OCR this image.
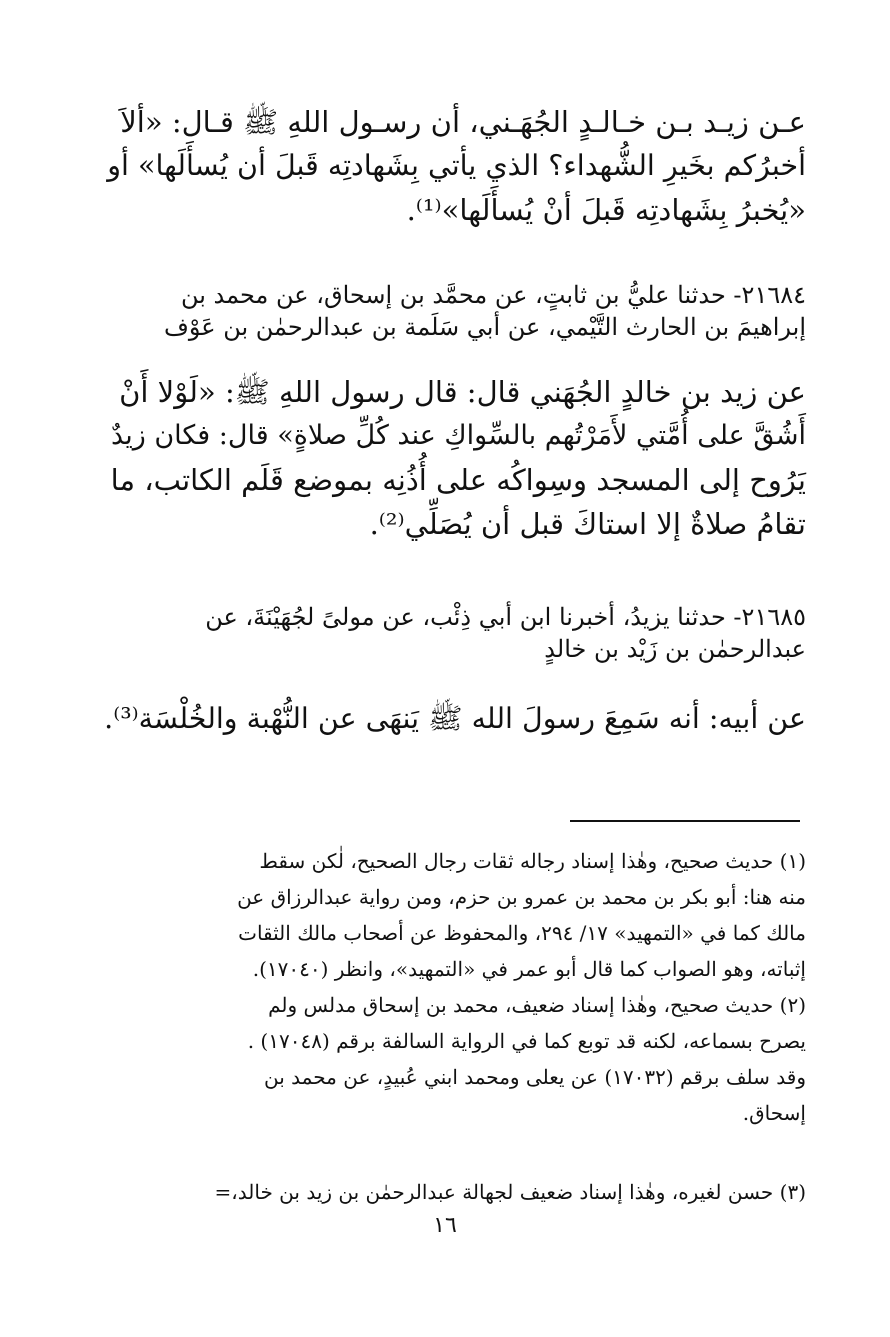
عـن زيـد بـن خـالـدٍ الجُهَـني، أن رسـول اللهِ ﷺ قـال: «ألاَ
أخبرُكم بخَيرِ الشُّهداء؟ الذي يأتي بِشَهادتِه قَبلَ أن يُسأَلَها» أو
«يُخبرُ بِشَهادتِه قَبلَ أنْ يُسأَلَها»⁽¹⁾.
٢١٦٨٤- حدثنا عليُّ بن ثابتٍ، عن محمَّد بن إسحاق، عن محمد بن
إبراهيمَ بن الحارث التَّيْمي، عن أبي سَلَمة بن عبدالرحمٰن بن عَوْف
عن زيد بن خالدٍ الجُهَني قال: قال رسول اللهِ ﷺ: «لَوْلا أَنْ
أَشُقَّ على أُمَّتي لأَمَرْتُهم بالسِّواكِ عند كُلِّ صلاةٍ» قال: فكان زيدٌ
يَرُوح إلى المسجد وسِواكُه على أُذُنِه بموضع قَلَم الكاتب، ما
تقامُ صلاةٌ إلا استاكَ قبل أن يُصَلِّي⁽²⁾.
٢١٦٨٥- حدثنا يزيدُ، أخبرنا ابن أبي ذِئْب، عن مولىً لجُهَيْنَةَ، عن
عبدالرحمٰن بن زَيْد بن خالدٍ
عن أبيه: أنه سَمِعَ رسولَ الله ﷺ يَنهَى عن النُّهْبة والخُلْسَة⁽³⁾.
(١) حديث صحيح، وهٰذا إسناد رجاله ثقات رجال الصحيح، لٰكن سقط
منه هنا: أبو بكر بن محمد بن عمرو بن حزم، ومن رواية عبدالرزاق عن
مالك كما في «التمهيد» ١٧/ ٢٩٤، والمحفوظ عن أصحاب مالك الثقات
إثباته، وهو الصواب كما قال أبو عمر في «التمهيد»، وانظر (١٧٠٤٠).
(٢) حديث صحيح، وهٰذا إسناد ضعيف، محمد بن إسحاق مدلس ولم
يصرح بسماعه، لكنه قد توبع كما في الرواية السالفة برقم (١٧٠٤٨) .
وقد سلف برقم (١٧٠٣٢) عن يعلى ومحمد ابني عُبيدٍ، عن محمد بن
إسحاق.
(٣) حسن لغيره، وهٰذا إسناد ضعيف لجهالة عبدالرحمٰن بن زيد بن خالد،=
١٦
